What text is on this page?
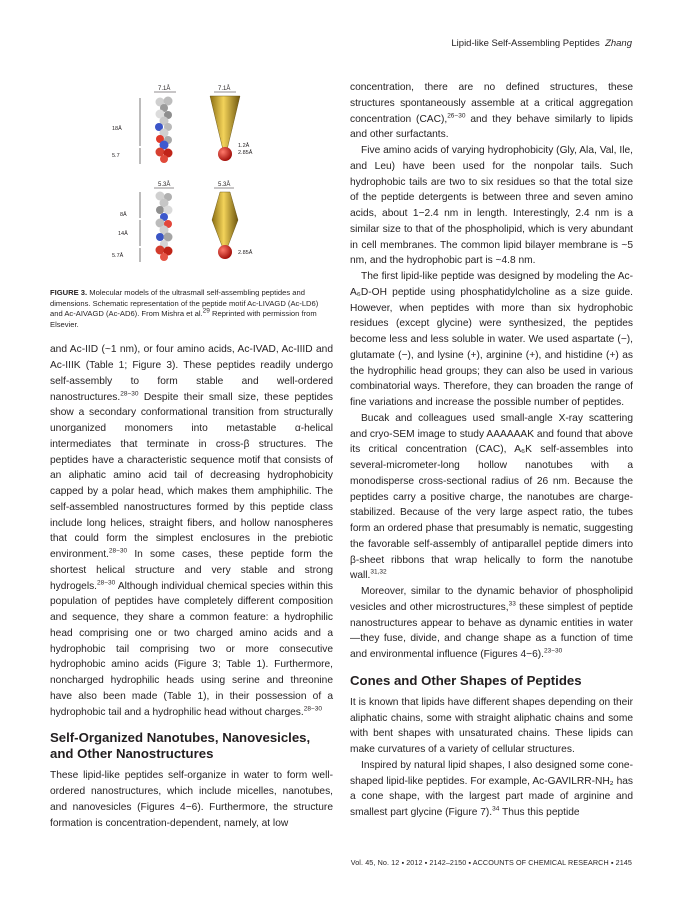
Lipid-like Self-Assembling Peptides Zhang
7.1Å	7.1Å
18Å
5.7
1.2Å
2.85Å
5.3Å	5.3Å
8Å
14Å
5.7Å	2.85Å
FIGURE 3. Molecular models of the ultrasmall self-assembling peptides and dimensions. Schematic representation of the peptide motif Ac-LIVAGD (Ac-LD6) and Ac-AIVAGD (Ac-AD6). From Mishra et al.$^{29}$ Reprinted with permission from Elsevier.

and Ac-IID (~1 nm), or four amino acids, Ac-IVAD, Ac-IIID and Ac-IIIK (Table 1; Figure 3). These peptides readily undergo self-assembly to form stable and well-ordered nanostructures.$^{28-30}$ Despite their small size, these peptides show a secondary conformational transition from structurally unorganized monomers into metastable α-helical intermediates that terminate in cross-β structures. The peptides have a characteristic sequence motif that consists of an aliphatic amino acid tail of decreasing hydrophobicity capped by a polar head, which makes them amphiphilic. The self-assembled nanostructures formed by this peptide class include long helices, straight fibers, and hollow nanospheres that could form the simplest enclosures in the prebiotic environment.$^{28-30}$ In some cases, these peptide form the shortest helical structure and very stable and strong hydrogels.$^{28-30}$ Although individual chemical species within this population of peptides have completely different composition and sequence, they share a common feature: a hydrophilic head comprising one or two charged amino acids and a hydrophobic tail comprising two or more consecutive hydrophobic amino acids (Figure 3; Table 1). Furthermore, noncharged hydrophilic heads using serine and threonine have also been made (Table 1), in their possession of a hydrophobic tail and a hydrophilic head without charges.$^{28-30}$

Self-Organized Nanotubes, Nanovesicles, and Other Nanostructures

These lipid-like peptides self-organize in water to form well-ordered nanostructures, which include micelles, nanotubes, and nanovesicles (Figures 4−6). Furthermore, the structure formation is concentration-dependent, namely, at low

concentration, there are no defined structures, these structures spontaneously assemble at a critical aggregation concentration (CAC),$^{26-30}$ and they behave similarly to lipids and other surfactants.

Five amino acids of varying hydrophobicity (Gly, Ala, Val, Ile, and Leu) have been used for the nonpolar tails. Such hydrophobic tails are two to six residues so that the total size of the peptide detergents is between three and seven amino acids, about 1−2.4 nm in length. Interestingly, 2.4 nm is a similar size to that of the phospholipid, which is very abundant in cell membranes. The common lipid bilayer membrane is ~5 nm, and the hydrophobic part is ~4.8 nm.

The first lipid-like peptide was designed by modeling the Ac-A₆D-OH peptide using phosphatidylcholine as a size guide. However, when peptides with more than six hydrophobic residues (except glycine) were synthesized, the peptides become less and less soluble in water. We used aspartate (−), glutamate (−), and lysine (+), arginine (+), and histidine (+) as the hydrophilic head groups; they can also be used in various combinatorial ways. Therefore, they can broaden the range of fine variations and increase the possible number of peptides.

Bucak and colleagues used small-angle X-ray scattering and cryo-SEM image to study AAAAAAK and found that above its critical concentration (CAC), A₆K self-assembles into several-micrometer-long hollow nanotubes with a monodisperse cross-sectional radius of 26 nm. Because the peptides carry a positive charge, the nanotubes are charge-stabilized. Because of the very large aspect ratio, the tubes form an ordered phase that presumably is nematic, suggesting the favorable self-assembly of antiparallel peptide dimers into β-sheet ribbons that wrap helically to form the nanotube wall.$^{31,32}$

Moreover, similar to the dynamic behavior of phospholipid vesicles and other microstructures,$^{33}$ these simplest of peptide nanostructures appear to behave as dynamic entities in water—they fuse, divide, and change shape as a function of time and environmental influence (Figures 4−6).$^{23-30}$

Cones and Other Shapes of Peptides

It is known that lipids have different shapes depending on their aliphatic chains, some with straight aliphatic chains and some with bent shapes with unsaturated chains. These lipids can make curvatures of a variety of cellular structures.

Inspired by natural lipid shapes, I also designed some cone-shaped lipid-like peptides. For example, Ac-GAVILRR-NH₂ has a cone shape, with the largest part made of arginine and smallest part glycine (Figure 7).$^{34}$ Thus this peptide

Vol. 45, No. 12 ▪ 2012 ▪ 2142–2150 ▪ ACCOUNTS OF CHEMICAL RESEARCH ▪ 2145
